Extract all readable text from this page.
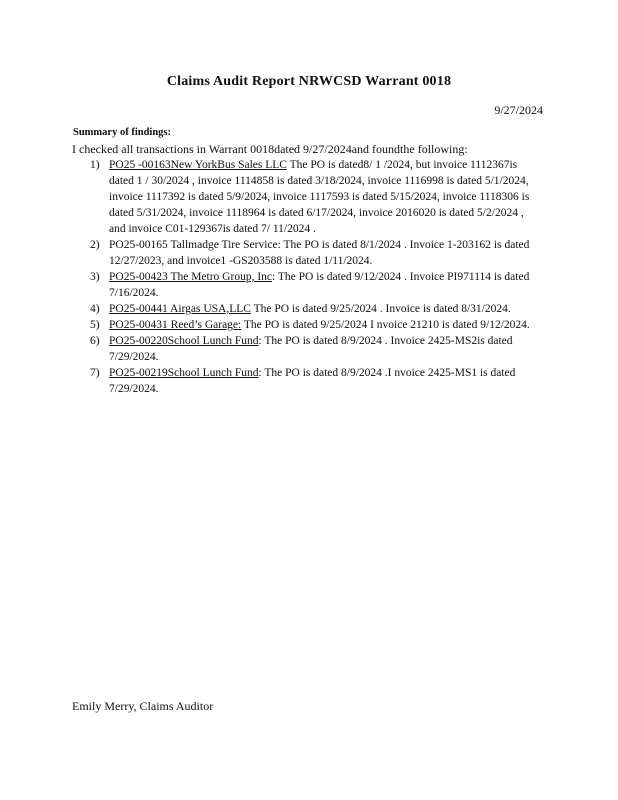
Claims Audit Report NRWCSD Warrant 0018
9/27/2024
Summary of findings:
I checked all transactions in Warrant 0018dated 9/27/2024and foundthe following:
1) PO25 -00163New YorkBus Sales LLC The PO is dated8/ 1 /2024, but invoice 1112367is dated 1 / 30/2024 , invoice 1114858 is dated 3/18/2024, invoice 1116998 is dated 5/1/2024, invoice 1117392 is dated 5/9/2024, invoice 1117593 is dated 5/15/2024, invoice 1118306 is dated 5/31/2024, invoice 1118964 is dated 6/17/2024, invoice 2016020 is dated 5/2/2024 , and invoice C01-129367is dated 7/ 11/2024 .
2) PO25-00165 Tallmadge Tire Service: The PO is dated 8/1/2024 . Invoice 1-203162 is dated 12/27/2023, and invoice1 -GS203588 is dated 1/11/2024.
3) PO25-00423 The Metro Group, Inc: The PO is dated 9/12/2024 . Invoice PI971114 is dated 7/16/2024.
4) PO25-00441 Airgas USA,LLC The PO is dated 9/25/2024 . Invoice is dated 8/31/2024.
5) PO25-00431 Reed’s Garage: The PO is dated 9/25/2024 I nvoice 21210 is dated 9/12/2024.
6) PO25-00220School Lunch Fund: The PO is dated 8/9/2024 . Invoice 2425-MS2is dated 7/29/2024.
7) PO25-00219School Lunch Fund: The PO is dated 8/9/2024 .I nvoice 2425-MS1 is dated 7/29/2024.
Emily Merry, Claims Auditor
